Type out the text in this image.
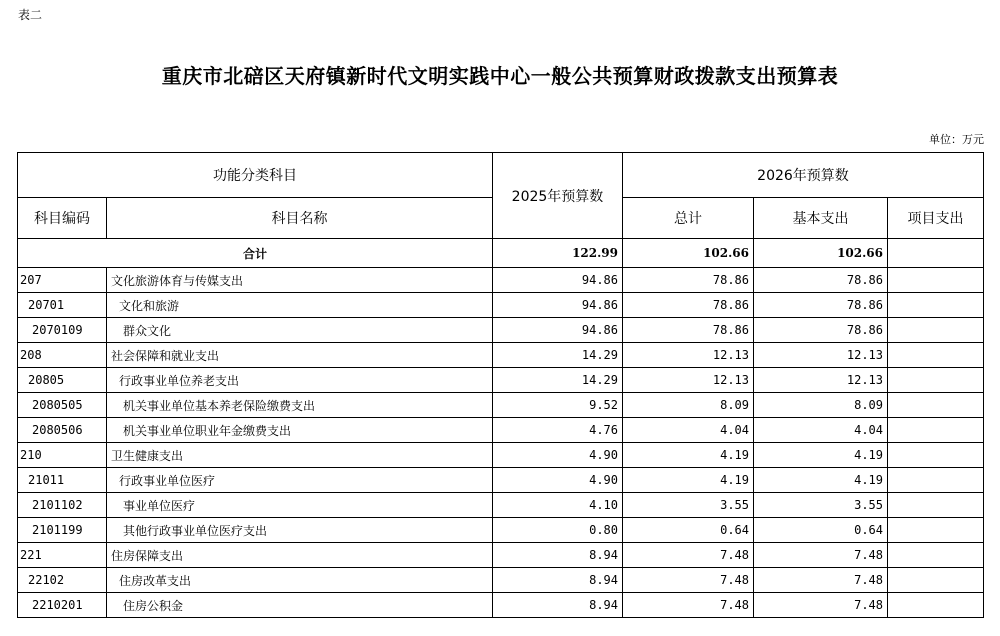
表二
重庆市北碚区天府镇新时代文明实践中心一般公共预算财政拨款支出预算表
单位：万元
功能分类科目		2025年预算数	2026年预算数		
科目编码	科目名称		总计	基本支出	项目支出
合计		122.99	102.66	102.66	
207	文化旅游体育与传媒支出	94.86	78.86	78.86	
20701	文化和旅游	94.86	78.86	78.86	
2070109	群众文化	94.86	78.86	78.86	
208	社会保障和就业支出	14.29	12.13	12.13	
20805	行政事业单位养老支出	14.29	12.13	12.13	
2080505	机关事业单位基本养老保险缴费支出	9.52	8.09	8.09	
2080506	机关事业单位职业年金缴费支出	4.76	4.04	4.04	
210	卫生健康支出	4.90	4.19	4.19	
21011	行政事业单位医疗	4.90	4.19	4.19	
2101102	事业单位医疗	4.10	3.55	3.55	
2101199	其他行政事业单位医疗支出	0.80	0.64	0.64	
221	住房保障支出	8.94	7.48	7.48	
22102	住房改革支出	8.94	7.48	7.48	
2210201	住房公积金	8.94	7.48	7.48	
